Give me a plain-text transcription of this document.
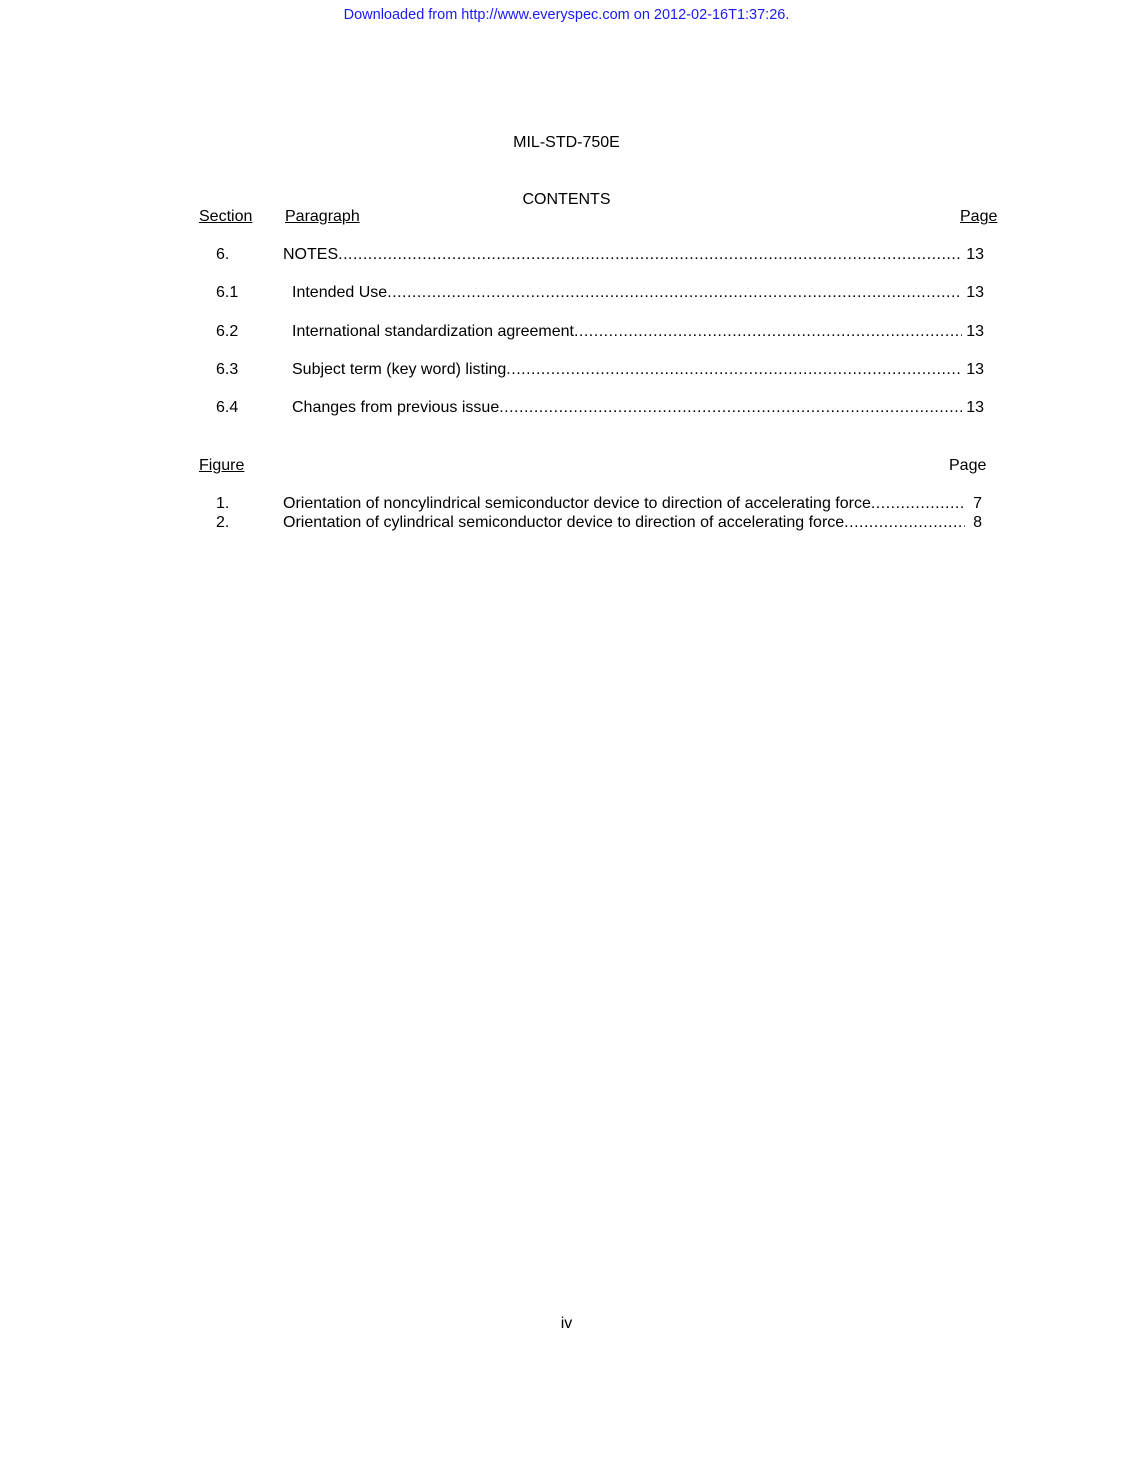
Downloaded from http://www.everyspec.com on 2012-02-16T1:37:26.
MIL-STD-750E
CONTENTS
Section Paragraph	Page
6.	NOTES .....	13
6.1	Intended Use .....	13
6.2	International standardization agreement .....	13
6.3	Subject term (key word) listing .....	13
6.4	Changes from previous issue .....	13
Figure	Page
1.	Orientation of noncylindrical semiconductor device to direction of accelerating force .....	7
2.	Orientation of cylindrical semiconductor device to direction of accelerating force .....	8
iv
